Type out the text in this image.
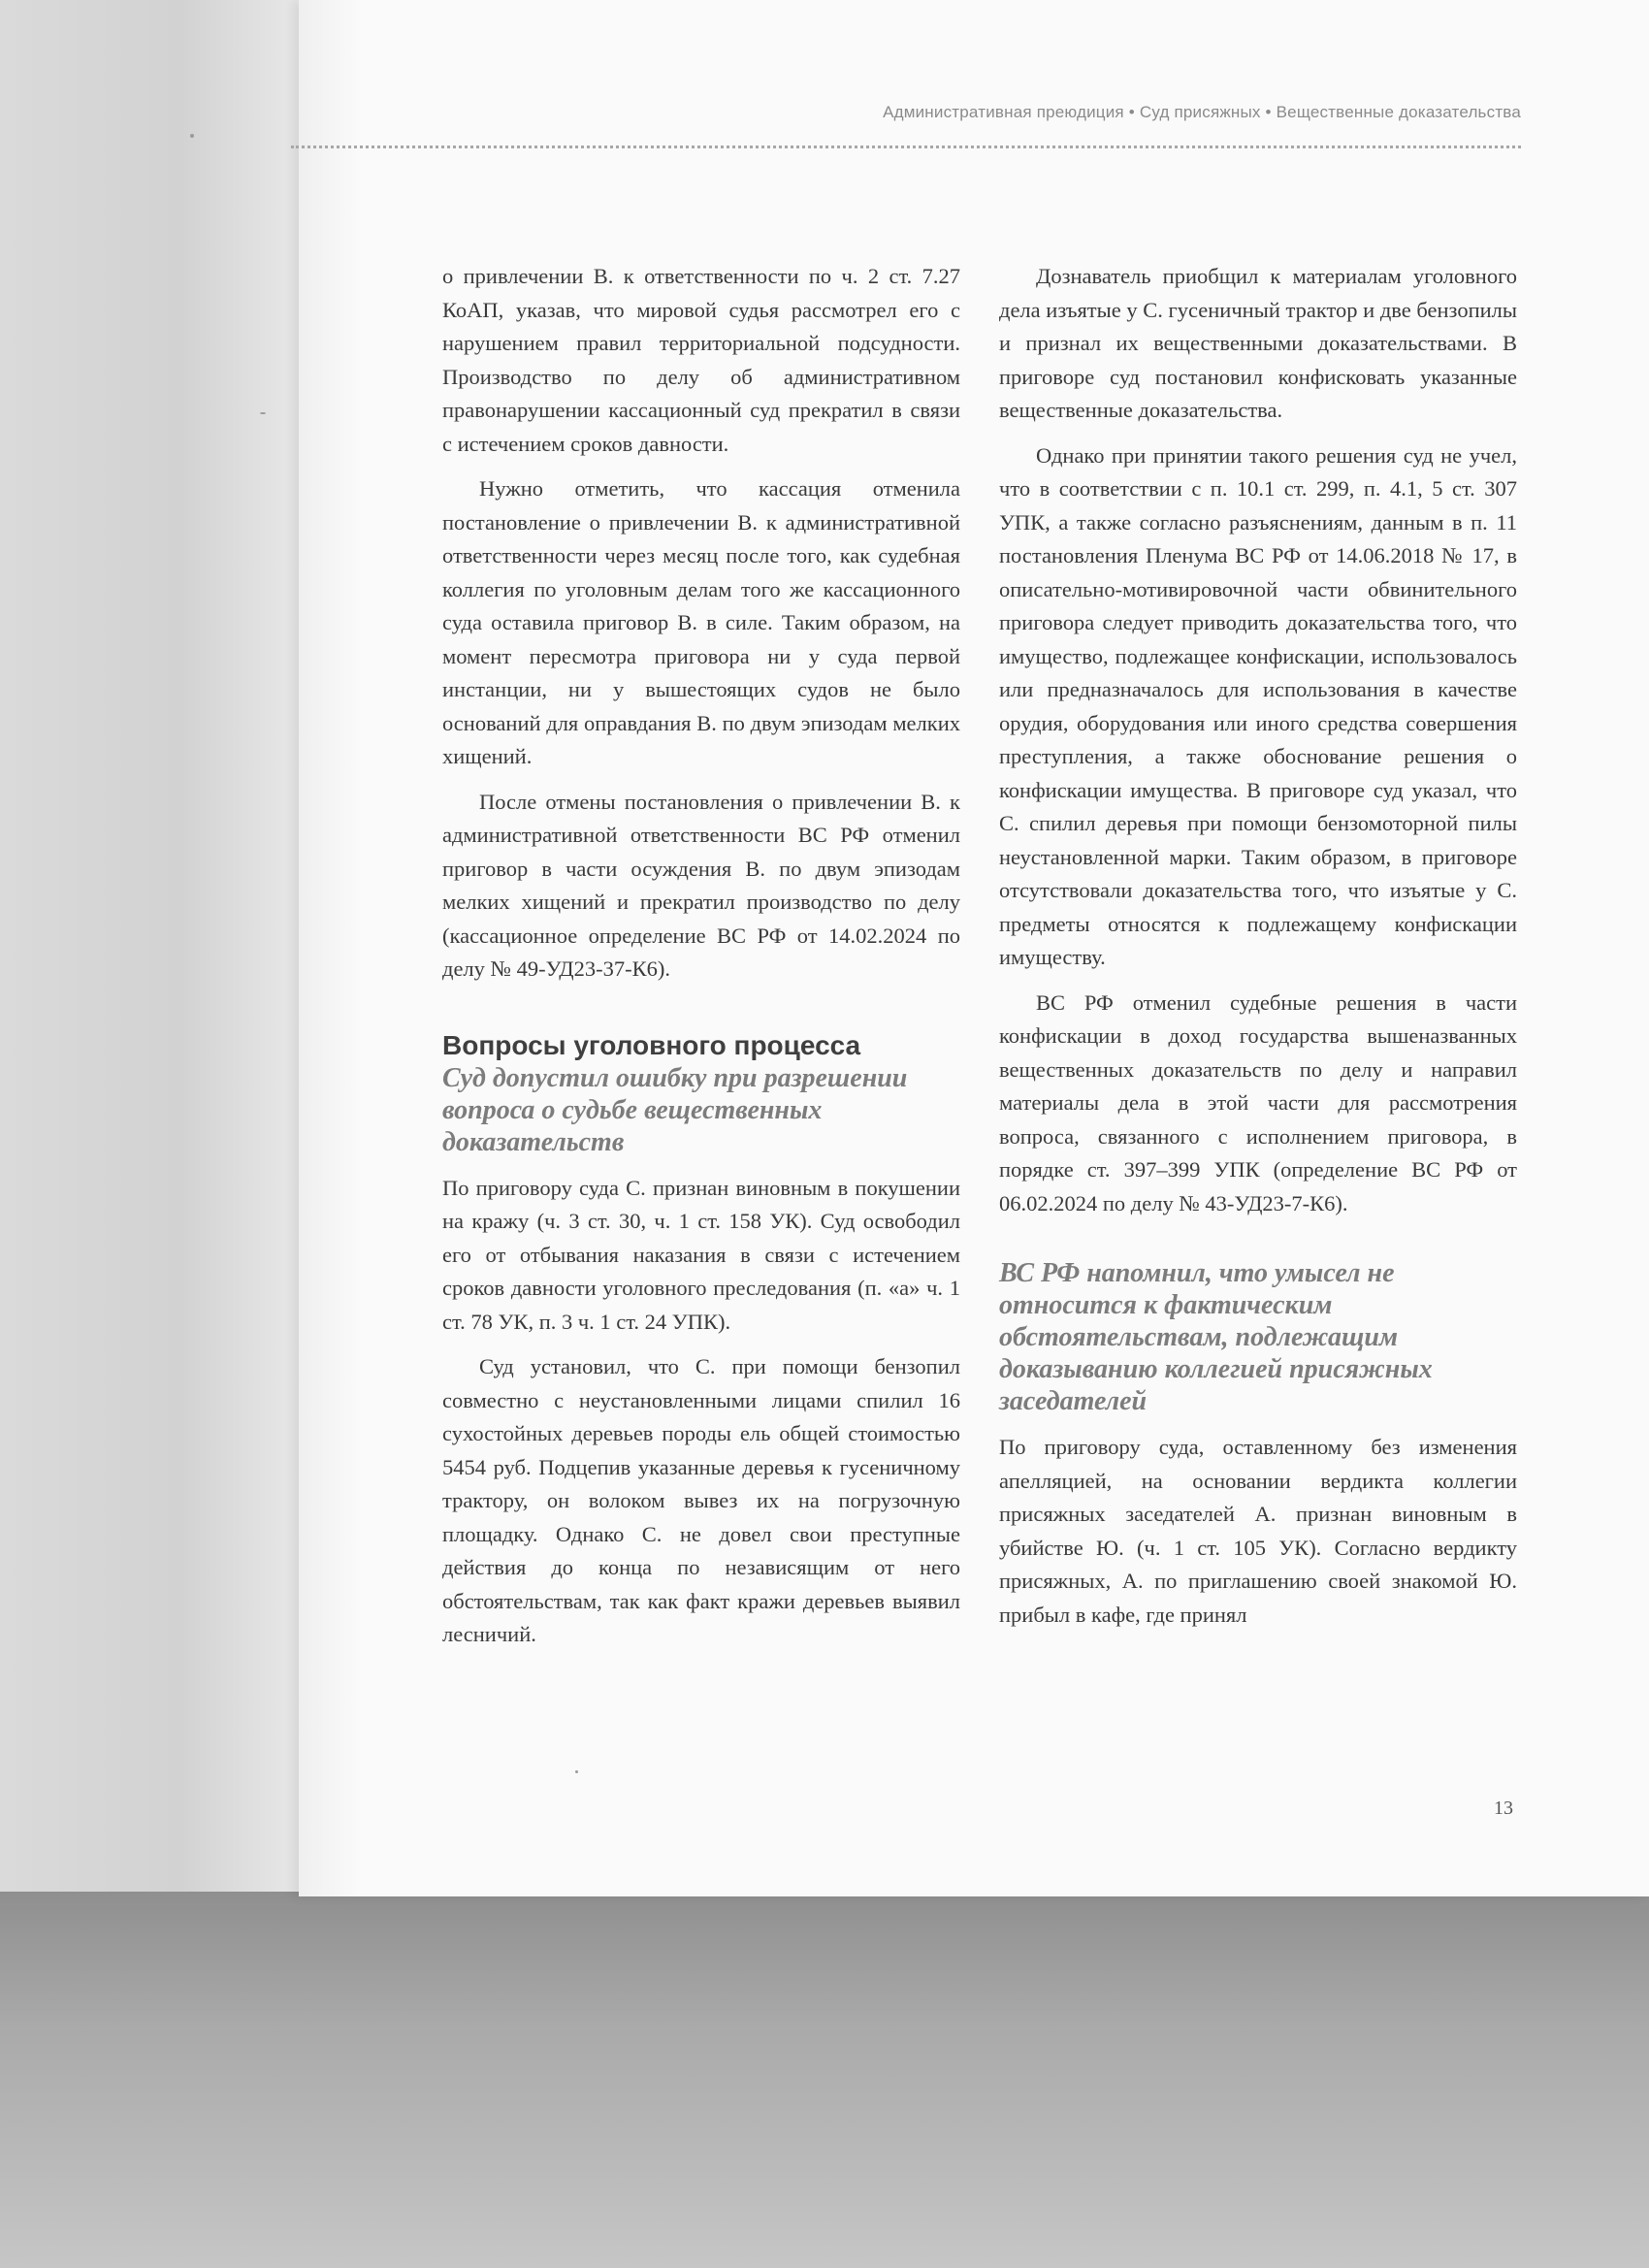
Административная преюдиция • Суд присяжных • Вещественные доказательства

о привлечении В. к ответственности по ч. 2 ст. 7.27 КоАП, указав, что мировой судья рассмотрел его с нарушением правил территориальной подсудности. Производство по делу об административном правонарушении кассационный суд прекратил в связи с истечением сроков давности.

Нужно отметить, что кассация отменила постановление о привлечении В. к административной ответственности через месяц после того, как судебная коллегия по уголовным делам того же кассационного суда оставила приговор В. в силе. Таким образом, на момент пересмотра приговора ни у суда первой инстанции, ни у вышестоящих судов не было оснований для оправдания В. по двум эпизодам мелких хищений.

После отмены постановления о привлечении В. к административной ответственности ВС РФ отменил приговор в части осуждения В. по двум эпизодам мелких хищений и прекратил производство по делу (кассационное определение ВС РФ от 14.02.2024 по делу № 49-УД23-37-К6).

Вопросы уголовного процесса
Суд допустил ошибку при разрешении вопроса о судьбе вещественных доказательств

По приговору суда С. признан виновным в покушении на кражу (ч. 3 ст. 30, ч. 1 ст. 158 УК). Суд освободил его от отбывания наказания в связи с истечением сроков давности уголовного преследования (п. «а» ч. 1 ст. 78 УК, п. 3 ч. 1 ст. 24 УПК).

Суд установил, что С. при помощи бензопил совместно с неустановленными лицами спилил 16 сухостойных деревьев породы ель общей стоимостью 5454 руб. Подцепив указанные деревья к гусеничному трактору, он волоком вывез их на погрузочную площадку. Однако С. не довел свои преступные действия до конца по независящим от него обстоятельствам, так как факт кражи деревьев выявил лесничий.

Дознаватель приобщил к материалам уголовного дела изъятые у С. гусеничный трактор и две бензопилы и признал их вещественными доказательствами. В приговоре суд постановил конфисковать указанные вещественные доказательства.

Однако при принятии такого решения суд не учел, что в соответствии с п. 10.1 ст. 299, п. 4.1, 5 ст. 307 УПК, а также согласно разъяснениям, данным в п. 11 постановления Пленума ВС РФ от 14.06.2018 № 17, в описательно-мотивировочной части обвинительного приговора следует приводить доказательства того, что имущество, подлежащее конфискации, использовалось или предназначалось для использования в качестве орудия, оборудования или иного средства совершения преступления, а также обоснование решения о конфискации имущества. В приговоре суд указал, что С. спилил деревья при помощи бензомоторной пилы неустановленной марки. Таким образом, в приговоре отсутствовали доказательства того, что изъятые у С. предметы относятся к подлежащему конфискации имуществу.

ВС РФ отменил судебные решения в части конфискации в доход государства вышеназванных вещественных доказательств по делу и направил материалы дела в этой части для рассмотрения вопроса, связанного с исполнением приговора, в порядке ст. 397–399 УПК (определение ВС РФ от 06.02.2024 по делу № 43-УД23-7-К6).

ВС РФ напомнил, что умысел не относится к фактическим обстоятельствам, подлежащим доказыванию коллегией присяжных заседателей

По приговору суда, оставленному без изменения апелляцией, на основании вердикта коллегии присяжных заседателей А. признан виновным в убийстве Ю. (ч. 1 ст. 105 УК). Согласно вердикту присяжных, А. по приглашению своей знакомой Ю. прибыл в кафе, где принял

13
